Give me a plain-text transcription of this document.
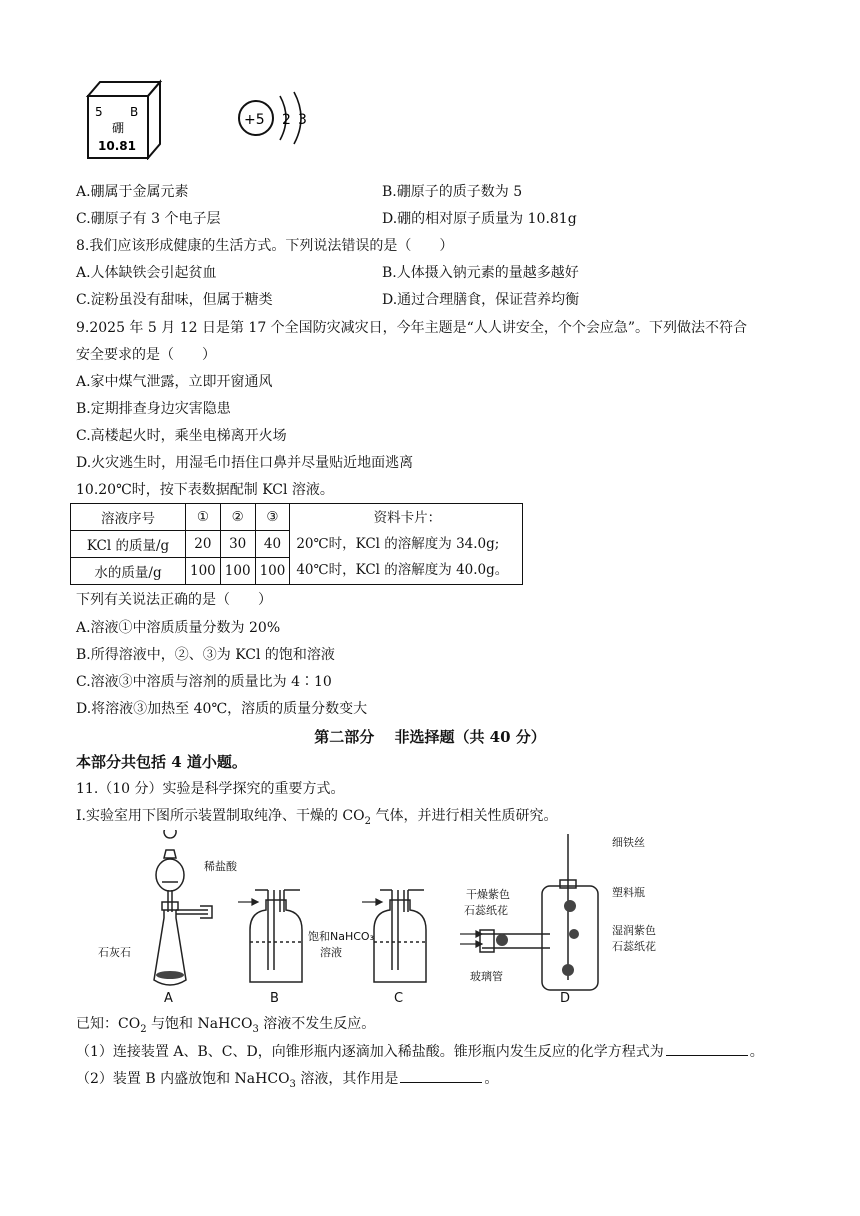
5 B
硼
10.81
+5 2 3
A.硼属于金属元素	B.硼原子的质子数为 5
C.硼原子有 3 个电子层	D.硼的相对原子质量为 10.81g
8.我们应该形成健康的生活方式。下列说法错误的是（　　）
A.人体缺铁会引起贫血	B.人体摄入钠元素的量越多越好
C.淀粉虽没有甜味，但属于糖类	D.通过合理膳食，保证营养均衡
9.2025 年 5 月 12 日是第 17 个全国防灾减灾日，今年主题是“人人讲安全，个个会应急”。下列做法不符合
安全要求的是（　　）
A.家中煤气泄露，立即开窗通风
B.定期排查身边灾害隐患
C.高楼起火时，乘坐电梯离开火场
D.火灾逃生时，用湿毛巾捂住口鼻并尽量贴近地面逃离
10.20℃时，按下表数据配制 KCl 溶液。
溶液序号	①	②	③	资料卡片：
20℃时，KCl 的溶解度为 34.0g;
40℃时，KCl 的溶解度为 40.0g。

KCl 的质量/g	20	30	40	
水的质量/g	100	100	100	
下列有关说法正确的是（　　）
A.溶液①中溶质质量分数为 20%
B.所得溶液中，②、③为 KCl 的饱和溶液
C.溶液③中溶质与溶剂的质量比为 4∶10
D.将溶液③加热至 40℃，溶质的质量分数变大
第二部分　 非选择题（共 40 分）
本部分共包括 4 道小题。
11.（10 分）实验是科学探究的重要方式。
I.实验室用下图所示装置制取纯净、干燥的 $CO_2$ 气体，并进行相关性质研究。
稀盐酸
石灰石
饱和NaHCO₃
溶液
细铁丝
干燥紫色
石蕊纸花
塑料瓶
湿润紫色
石蕊纸花
玻璃管
A	B	C	D
已知：$CO_2$ 与饱和 NaHCO$_3$ 溶液不发生反应。
（1）连接装置 A、B、C、D，向锥形瓶内逐滴加入稀盐酸。锥形瓶内发生反应的化学方程式为	。
（2）装置 B 内盛放饱和 NaHCO$_3$ 溶液，其作用是	。
